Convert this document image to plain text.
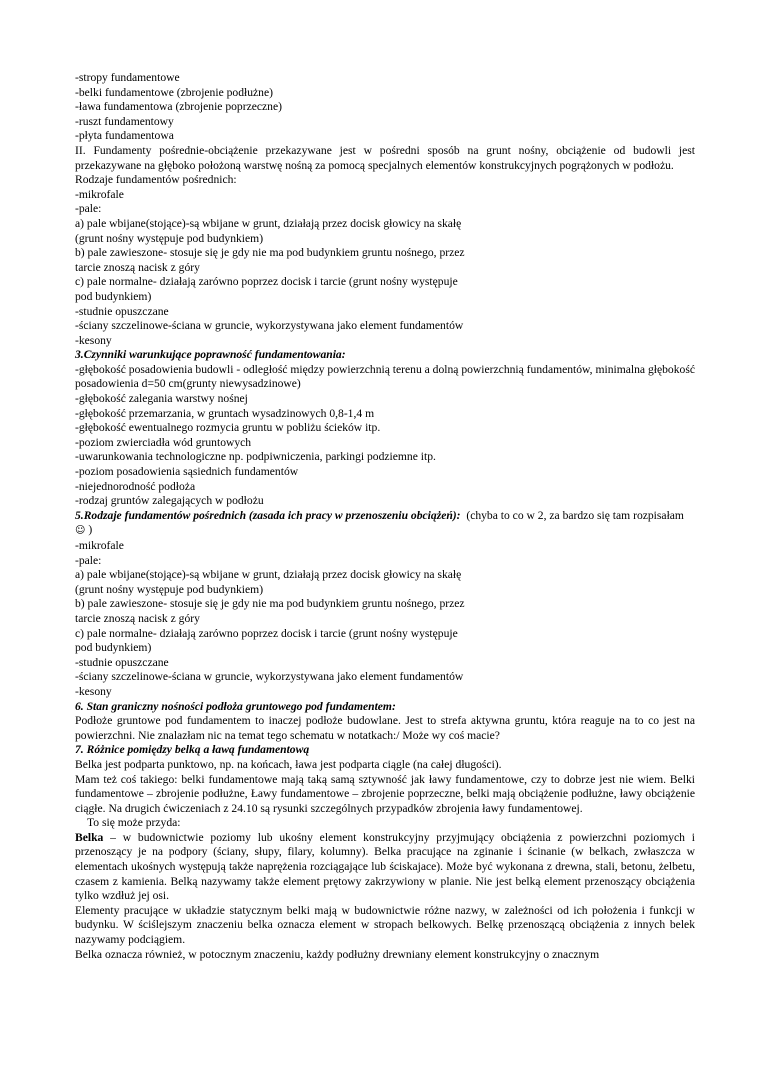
-stropy fundamentowe
-belki fundamentowe (zbrojenie podłużne)
-ława fundamentowa (zbrojenie poprzeczne)
-ruszt fundamentowy
-płyta fundamentowa

II. Fundamenty pośrednie-obciążenie przekazywane jest w pośredni sposób na grunt nośny, obciążenie od budowli jest przekazywane na głęboko położoną warstwę nośną za pomocą specjalnych elementów konstrukcyjnych pogrążonych w podłożu.

Rodzaje fundamentów pośrednich:
-mikrofale
-pale:
a) pale wbijane(stojące)-są wbijane w grunt, działają przez docisk głowicy na skałę
(grunt nośny występuje pod budynkiem)
b) pale zawieszone- stosuje się je gdy nie ma pod budynkiem gruntu nośnego, przez
tarcie znoszą nacisk z góry
c) pale normalne- działają zarówno poprzez docisk i tarcie (grunt nośny występuje
pod budynkiem)
-studnie opuszczane
-ściany szczelinowe-ściana w gruncie, wykorzystywana jako element fundamentów
-kesony
3.Czynniki warunkujące poprawność fundamentowania:

-głębokość posadowienia budowli - odległość między powierzchnią terenu a dolną powierzchnią fundamentów, minimalna głębokość posadowienia d=50 cm(grunty niewysadzinowe)

-głębokość zalegania warstwy nośnej
-głębokość przemarzania, w gruntach wysadzinowych 0,8-1,4 m
-głębokość ewentualnego rozmycia gruntu w pobliżu ścieków itp.
-poziom zwierciadła wód gruntowych
-uwarunkowania technologiczne np. podpiwniczenia, parkingi podziemne itp.
-poziom posadowienia sąsiednich fundamentów
-niejednorodność podłoża
-rodzaj gruntów zalegających w podłożu

5.Rodzaje fundamentów pośrednich (zasada ich pracy w przenoszeniu obciążeń): (chyba to co w 2, za bardzo się tam rozpisałam ☺ )

-mikrofale
-pale:
a) pale wbijane(stojące)-są wbijane w grunt, działają przez docisk głowicy na skałę
(grunt nośny występuje pod budynkiem)
b) pale zawieszone- stosuje się je gdy nie ma pod budynkiem gruntu nośnego, przez
tarcie znoszą nacisk z góry
c) pale normalne- działają zarówno poprzez docisk i tarcie (grunt nośny występuje
pod budynkiem)
-studnie opuszczane
-ściany szczelinowe-ściana w gruncie, wykorzystywana jako element fundamentów
-kesony
6. Stan graniczny nośności podłoża gruntowego pod fundamentem:

Podłoże gruntowe pod fundamentem to inaczej podłoże budowlane. Jest to strefa aktywna gruntu, która reaguje na to co jest na powierzchni. Nie znalazłam nic na temat tego schematu w notatkach:/ Może wy coś macie?

7. Różnice pomiędzy belką a ławą fundamentową

Belka jest podparta punktowo, np. na końcach, ława jest podparta ciągle (na całej długości).

Mam też coś takiego: belki fundamentowe mają taką samą sztywność jak ławy fundamentowe, czy to dobrze jest nie wiem. Belki fundamentowe – zbrojenie podłużne, Ławy fundamentowe – zbrojenie poprzeczne, belki mają obciążenie podłużne, ławy obciążenie ciągłe. Na drugich ćwiczeniach z 24.10 są rysunki szczególnych przypadków zbrojenia ławy fundamentowej.

To się może przyda:

Belka – w budownictwie poziomy lub ukośny element konstrukcyjny przyjmujący obciążenia z powierzchni poziomych i przenoszący je na podpory (ściany, słupy, filary, kolumny). Belka pracujące na zginanie i ścinanie (w belkach, zwłaszcza w elementach ukośnych występują także naprężenia rozciągające lub ściskajace). Może być wykonana z drewna, stali, betonu, żelbetu, czasem z kamienia. Belką nazywamy także element prętowy zakrzywiony w planie. Nie jest belką element przenoszący obciążenia tylko wzdłuż jej osi.

Elementy pracujące w układzie statycznym belki mają w budownictwie różne nazwy, w zależności od ich położenia i funkcji w budynku. W ściślejszym znaczeniu belka oznacza element w stropach belkowych. Belkę przenoszącą obciążenia z innych belek nazywamy podciągiem.

Belka oznacza również, w potocznym znaczeniu, każdy podłużny drewniany element konstrukcyjny o znacznym
